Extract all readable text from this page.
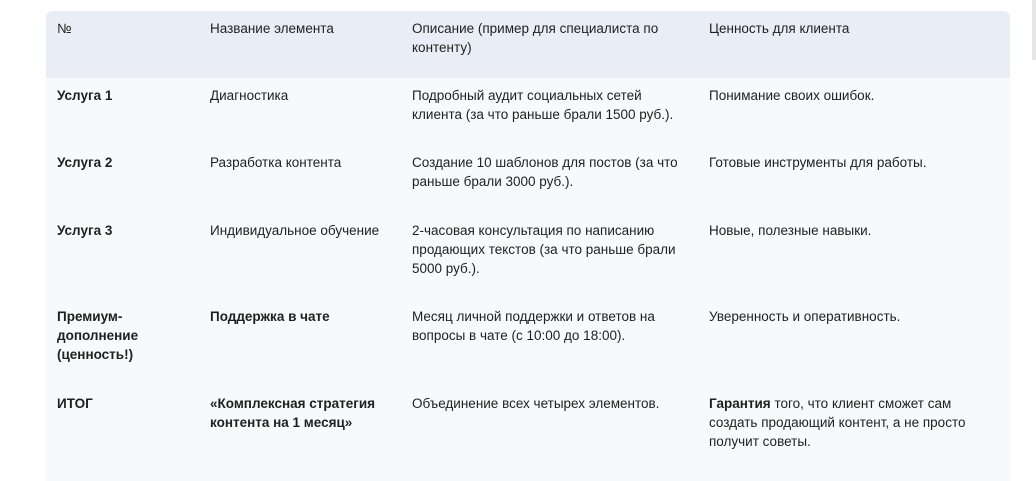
№	Название элемента	Описание (пример для специалиста по контенту)	Ценность для клиента
Услуга 1	Диагностика	Подробный аудит социальных сетей клиента (за что раньше брали 1500 руб.).	Понимание своих ошибок.
Услуга 2	Разработка контента	Создание 10 шаблонов для постов (за что раньше брали 3000 руб.).	Готовые инструменты для работы.
Услуга 3	Индивидуальное обучение	2-часовая консультация по написанию продающих текстов (за что раньше брали 5000 руб.).	Новые, полезные навыки.
Премиум-дополнение (ценность!)	Поддержка в чате	Месяц личной поддержки и ответов на вопросы в чате (с 10:00 до 18:00).	Уверенность и оперативность.
ИТОГ	«Комплексная стратегия контента на 1 месяц»	Объединение всех четырех элементов.	Гарантия того, что клиент сможет сам создать продающий контент, а не просто получит советы.
